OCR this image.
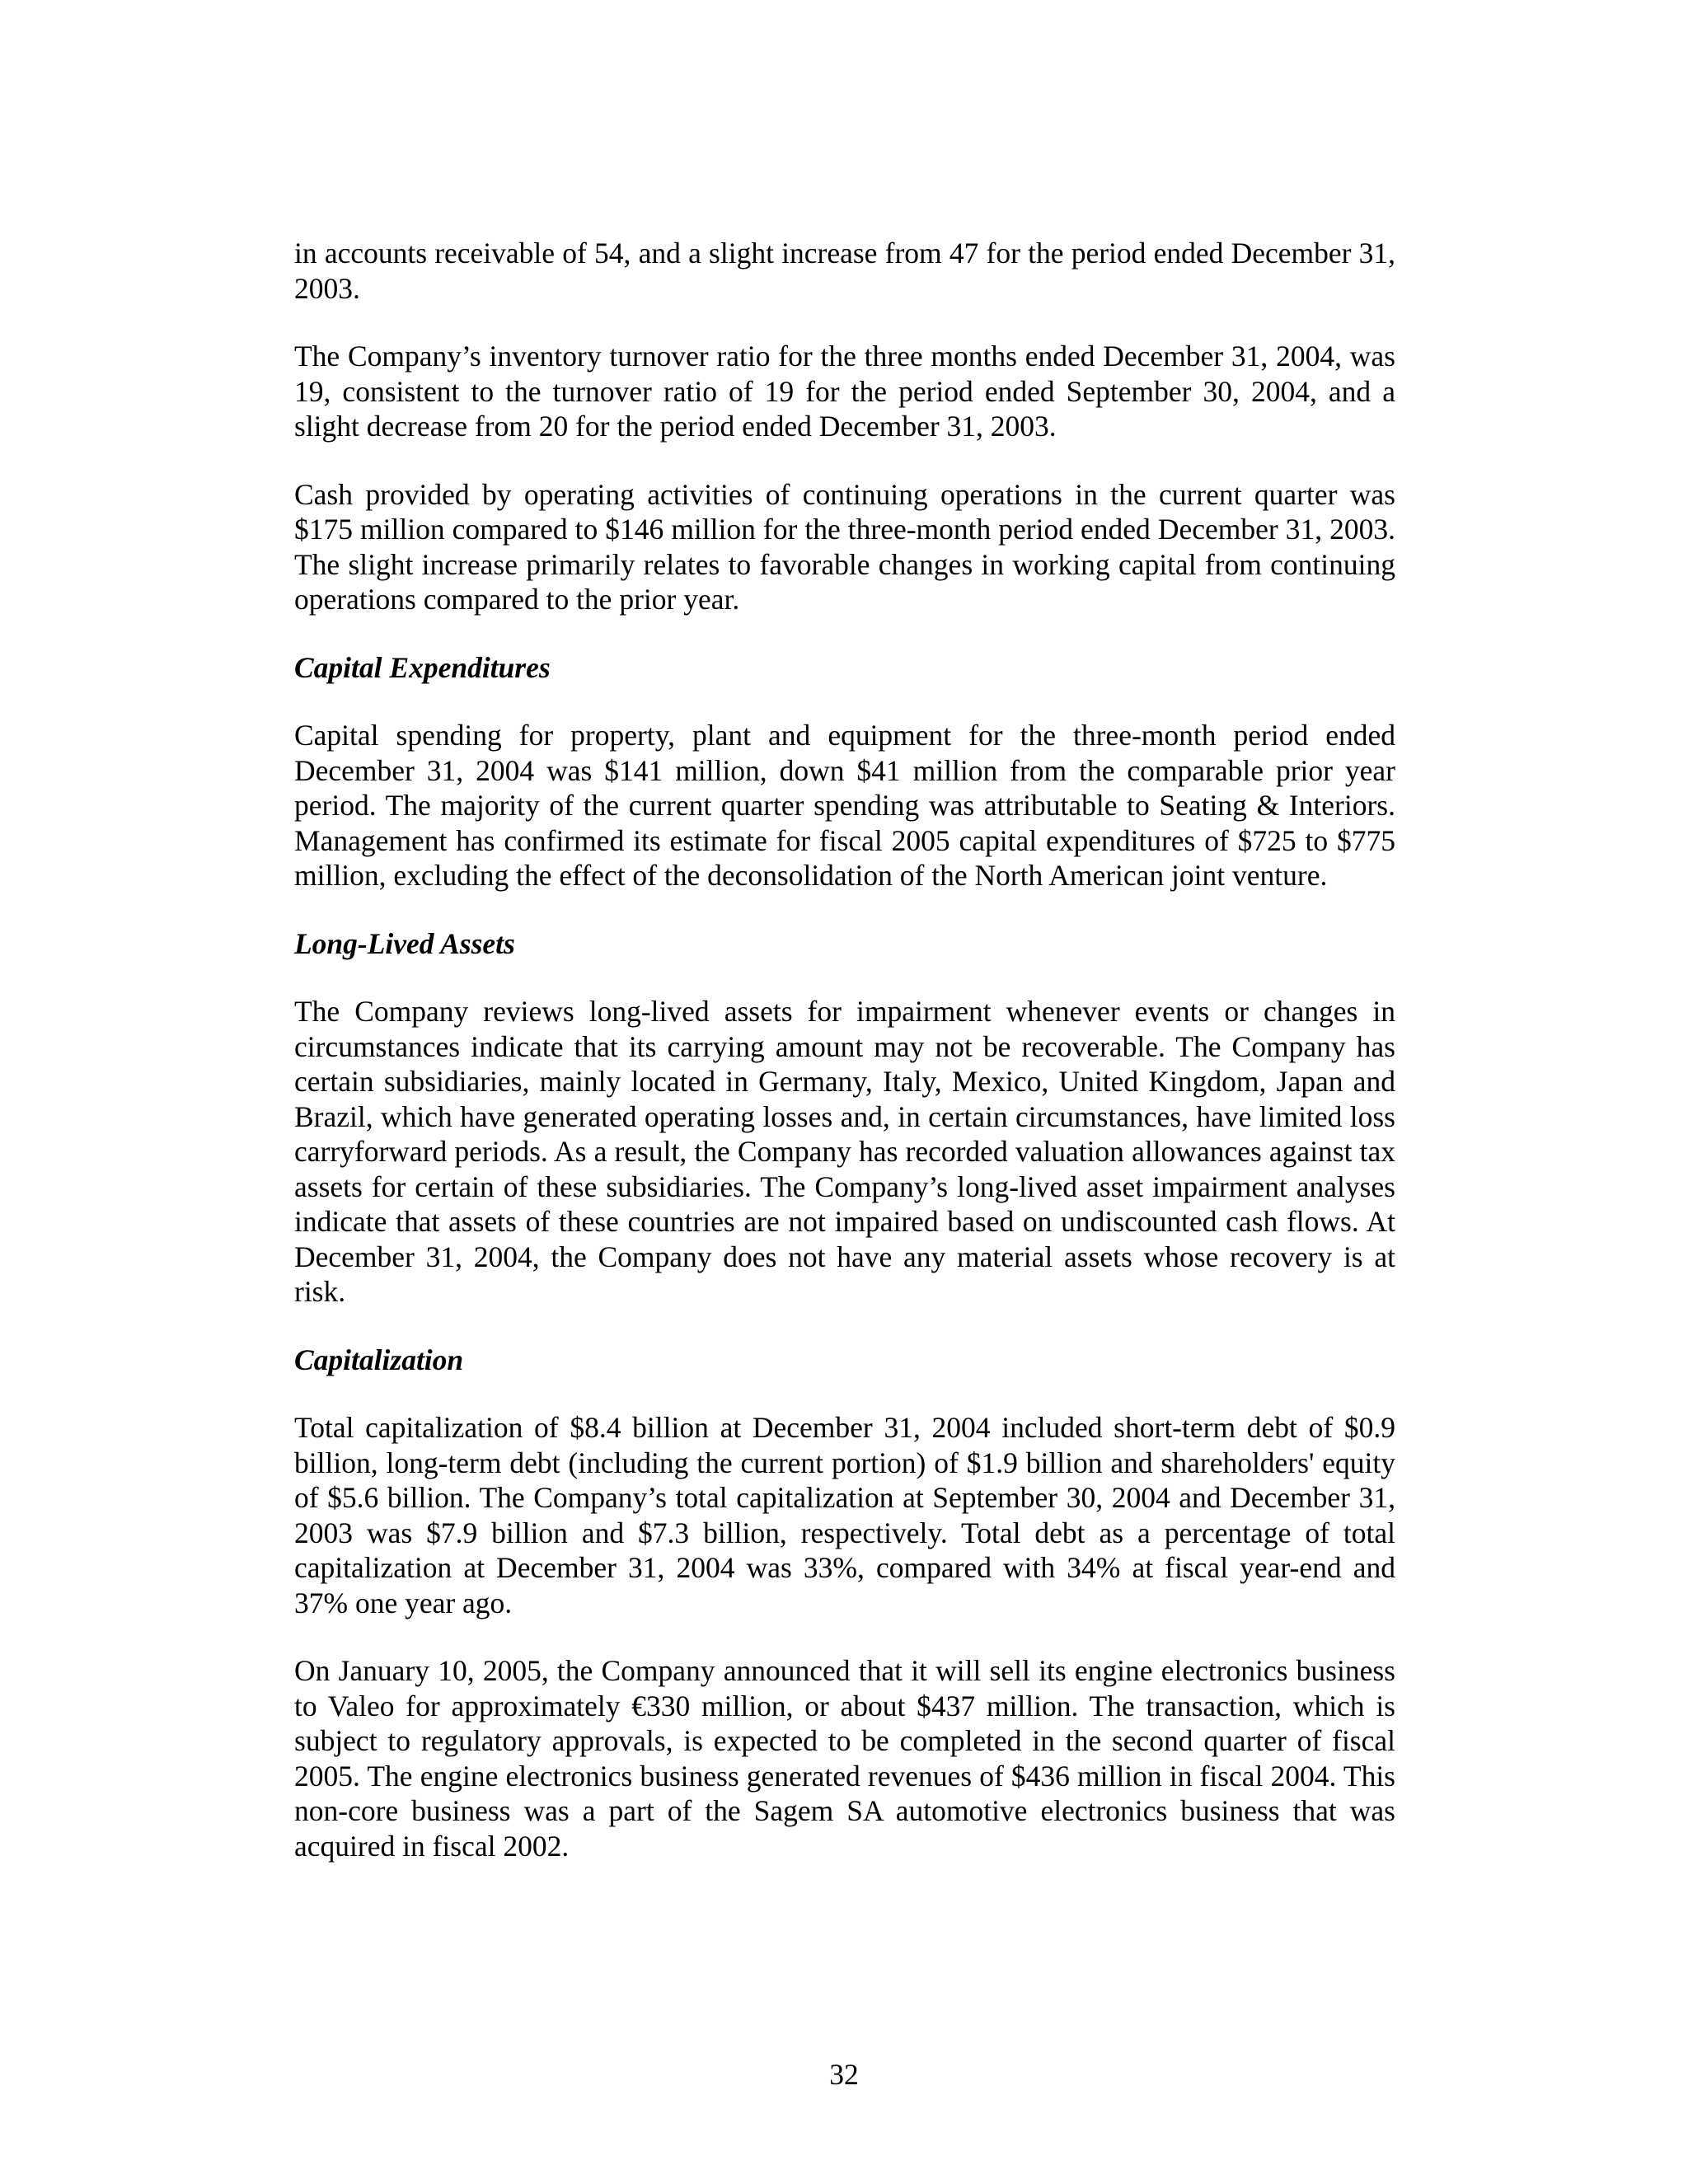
in accounts receivable of 54, and a slight increase from 47 for the period ended December 31, 2003.

The Company’s inventory turnover ratio for the three months ended December 31, 2004, was 19, consistent to the turnover ratio of 19 for the period ended September 30, 2004, and a slight decrease from 20 for the period ended December 31, 2003.

Cash provided by operating activities of continuing operations in the current quarter was $175 million compared to $146 million for the three-month period ended December 31, 2003. The slight increase primarily relates to favorable changes in working capital from continuing operations compared to the prior year.

Capital Expenditures

Capital spending for property, plant and equipment for the three-month period ended December 31, 2004 was $141 million, down $41 million from the comparable prior year period. The majority of the current quarter spending was attributable to Seating & Interiors. Management has confirmed its estimate for fiscal 2005 capital expenditures of $725 to $775 million, excluding the effect of the deconsolidation of the North American joint venture.

Long-Lived Assets

The Company reviews long-lived assets for impairment whenever events or changes in circumstances indicate that its carrying amount may not be recoverable. The Company has certain subsidiaries, mainly located in Germany, Italy, Mexico, United Kingdom, Japan and Brazil, which have generated operating losses and, in certain circumstances, have limited loss carryforward periods. As a result, the Company has recorded valuation allowances against tax assets for certain of these subsidiaries. The Company’s long-lived asset impairment analyses indicate that assets of these countries are not impaired based on undiscounted cash flows. At December 31, 2004, the Company does not have any material assets whose recovery is at risk.

Capitalization

Total capitalization of $8.4 billion at December 31, 2004 included short-term debt of $0.9 billion, long-term debt (including the current portion) of $1.9 billion and shareholders' equity of $5.6 billion. The Company’s total capitalization at September 30, 2004 and December 31, 2003 was $7.9 billion and $7.3 billion, respectively. Total debt as a percentage of total capitalization at December 31, 2004 was 33%, compared with 34% at fiscal year-end and 37% one year ago.

On January 10, 2005, the Company announced that it will sell its engine electronics business to Valeo for approximately €330 million, or about $437 million. The transaction, which is subject to regulatory approvals, is expected to be completed in the second quarter of fiscal 2005. The engine electronics business generated revenues of $436 million in fiscal 2004. This non-core business was a part of the Sagem SA automotive electronics business that was acquired in fiscal 2002.

32
